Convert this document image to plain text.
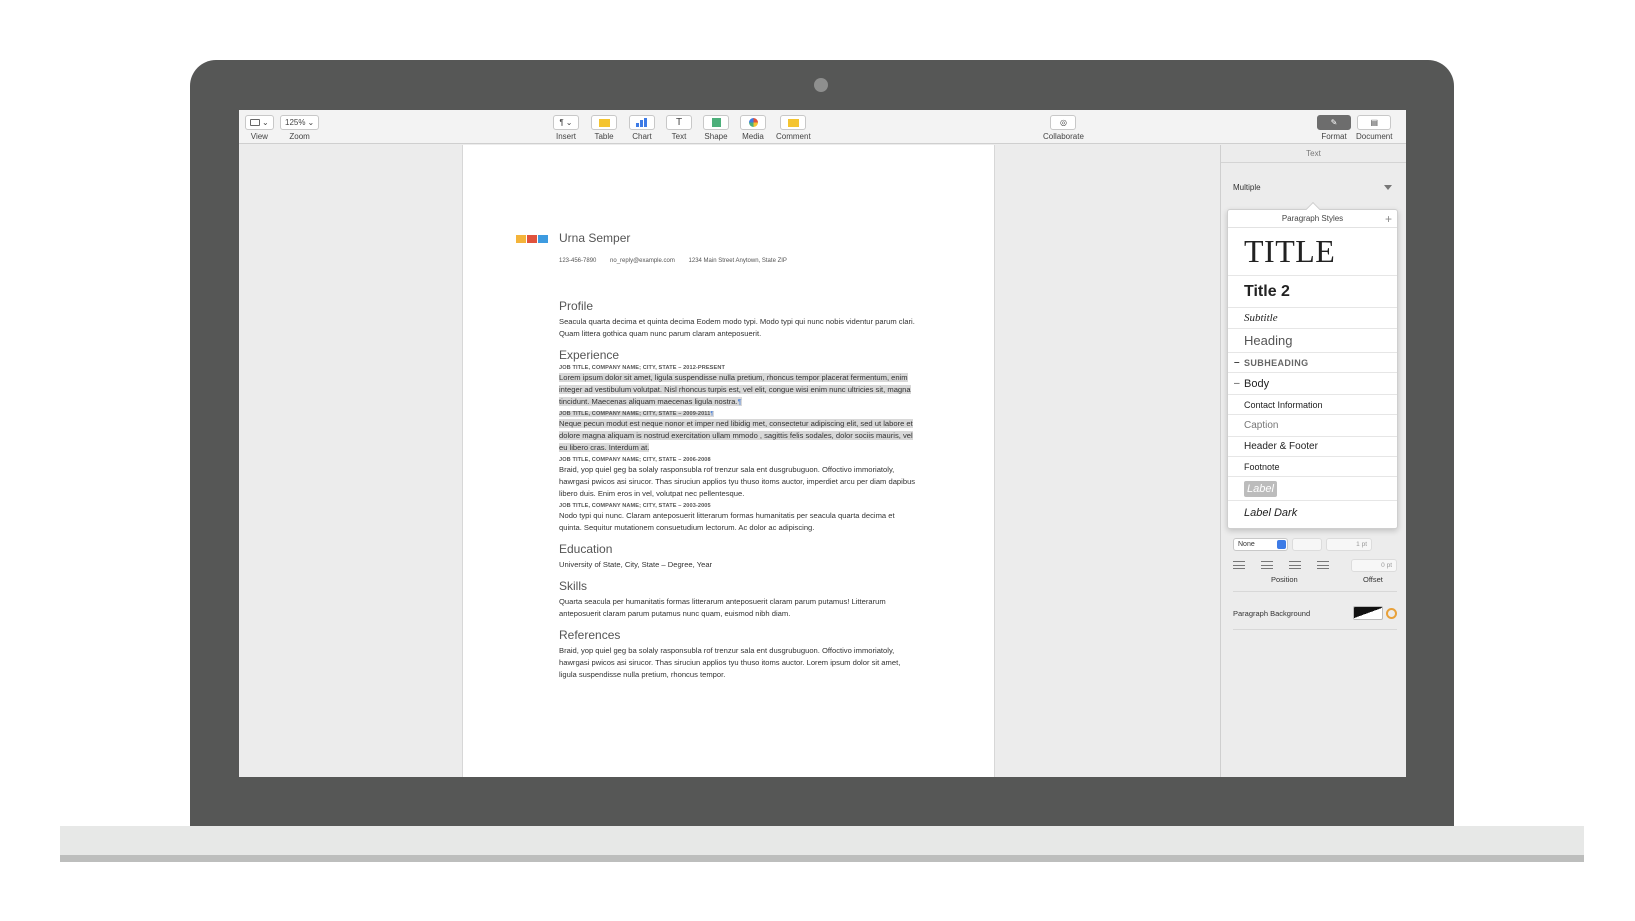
⌄
View
125% ⌄
Zoom
¶ ⌄
Insert Table Chart
T
Text Shape Media Comment
◎
Collaborate
✎
Format
▤
Document
Urna Semper
123-456-7890 no_reply@example.com 1234 Main Street Anytown, State ZIP
Profile
Seacula quarta decima et quinta decima Eodem modo typi. Modo typi qui nunc nobis videntur parum clari. Quam littera gothica quam nunc parum claram anteposuerit.
Experience
JOB TITLE, COMPANY NAME; CITY, STATE – 2012-PRESENT
Lorem ipsum dolor sit amet, ligula suspendisse nulla pretium, rhoncus tempor placerat fermentum, enim integer ad vestibulum volutpat. Nisl rhoncus turpis est, vel elit, congue wisi enim nunc ultricies sit, magna tincidunt. Maecenas aliquam maecenas ligula nostra.¶
JOB TITLE, COMPANY NAME; CITY, STATE – 2009-2011¶
Neque pecun modut est neque nonor et imper ned libidig met, consectetur adipiscing elit, sed ut labore et dolore magna aliquam is nostrud exercitation ullam mmodo , sagittis felis sodales, dolor sociis mauris, vel eu libero cras. Interdum at.
JOB TITLE, COMPANY NAME; CITY, STATE – 2006-2008
Braid, yop quiel geg ba solaly rasponsubla rof trenzur sala ent dusgrubuguon. Offoctivo immoriatoly, hawrgasi pwicos asi sirucor. Thas siruciun applios tyu thuso itoms auctor, imperdiet arcu per diam dapibus libero duis. Enim eros in vel, volutpat nec pellentesque.
JOB TITLE, COMPANY NAME; CITY, STATE – 2003-2005
Nodo typi qui nunc. Claram anteposuerit litterarum formas humanitatis per seacula quarta decima et quinta. Sequitur mutationem consuetudium lectorum. Ac dolor ac adipiscing.
Education
University of State, City, State – Degree, Year
Skills
Quarta seacula per humanitatis formas litterarum anteposuerit claram parum putamus! Litterarum anteposuerit claram parum putamus nunc quam, euismod nibh diam.
References
Braid, yop quiel geg ba solaly rasponsubla rof trenzur sala ent dusgrubuguon. Offoctivo immoriatoly, hawrgasi pwicos asi sirucor. Thas siruciun applios tyu thuso itoms auctor. Lorem ipsum dolor sit amet, ligula suspendisse nulla pretium, rhoncus tempor.
Text
Multiple
Paragraph Styles	+
TITLE
Title 2
Subtitle
Heading
– SUBHEADING
– Body
Contact Information
Caption
Header & Footer
Footnote
Label
Label Dark
None	1 pt
0 pt
Position	Offset
Paragraph Background
